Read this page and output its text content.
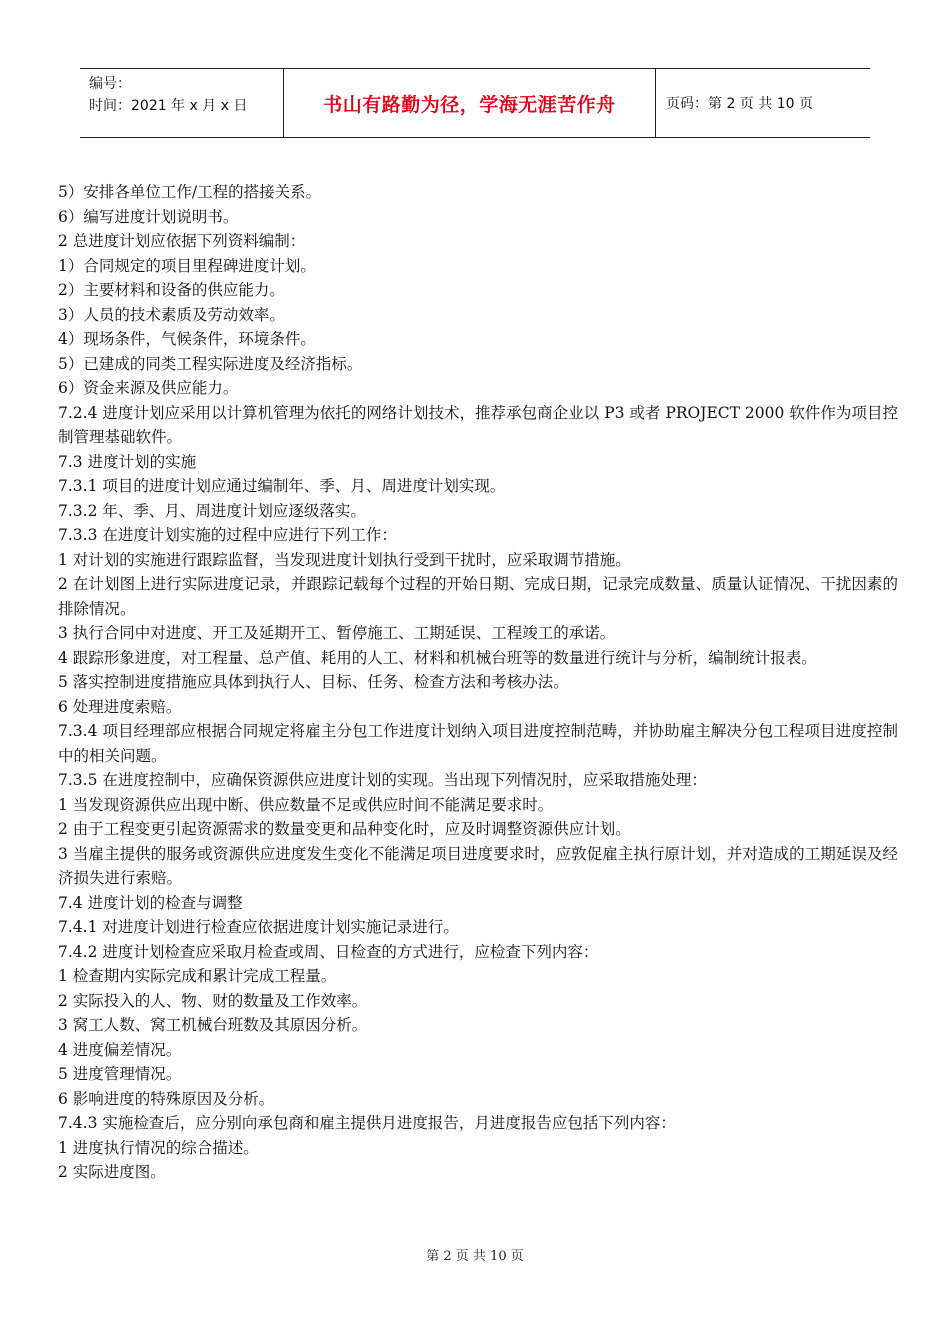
编号：
时间：2021 年 x 月 x 日	书山有路勤为径，学海无涯苦作舟	页码：第 2 页 共 10 页

5）安排各单位工作/工程的搭接关系。

6）编写进度计划说明书。

2 总进度计划应依据下列资料编制：

1）合同规定的项目里程碑进度计划。

2）主要材料和设备的供应能力。

3）人员的技术素质及劳动效率。

4）现场条件，气候条件，环境条件。

5）已建成的同类工程实际进度及经济指标。

6）资金来源及供应能力。

7.2.4 进度计划应采用以计算机管理为依托的网络计划技术，推荐承包商企业以 P3 或者 PROJECT 2000 软件作为项目控制管理基础软件。

7.3 进度计划的实施

7.3.1 项目的进度计划应通过编制年、季、月、周进度计划实现。

7.3.2 年、季、月、周进度计划应逐级落实。

7.3.3 在进度计划实施的过程中应进行下列工作：

1 对计划的实施进行跟踪监督，当发现进度计划执行受到干扰时，应采取调节措施。

2 在计划图上进行实际进度记录，并跟踪记载每个过程的开始日期、完成日期，记录完成数量、质量认证情况、干扰因素的排除情况。

3 执行合同中对进度、开工及延期开工、暂停施工、工期延误、工程竣工的承诺。

4 跟踪形象进度，对工程量、总产值、耗用的人工、材料和机械台班等的数量进行统计与分析，编制统计报表。

5 落实控制进度措施应具体到执行人、目标、任务、检查方法和考核办法。

6 处理进度索赔。

7.3.4 项目经理部应根据合同规定将雇主分包工作进度计划纳入项目进度控制范畴，并协助雇主解决分包工程项目进度控制中的相关问题。

7.3.5 在进度控制中，应确保资源供应进度计划的实现。当出现下列情况肘，应采取措施处理：

1 当发现资源供应出现中断、供应数量不足或供应时间不能满足要求时。

2 由于工程变更引起资源需求的数量变更和品种变化时，应及时调整资源供应计划。

3 当雇主提供的服务或资源供应进度发生变化不能满足项目进度要求时，应敦促雇主执行原计划，并对造成的工期延误及经济损失进行索赔。

7.4 进度计划的检查与调整

7.4.1 对进度计划进行检查应依据进度计划实施记录进行。

7.4.2 进度计划检查应采取月检查或周、日检查的方式进行，应检查下列内容：

1 检查期内实际完成和累计完成工程量。

2 实际投入的人、物、财的数量及工作效率。

3 窝工人数、窝工机械台班数及其原因分析。

4 进度偏差情况。

5 进度管理情况。

6 影响进度的特殊原因及分析。

7.4.3 实施检查后，应分别向承包商和雇主提供月进度报告，月进度报告应包括下列内容：

1 进度执行情况的综合描述。

2 实际进度图。

第 2 页 共 10 页
